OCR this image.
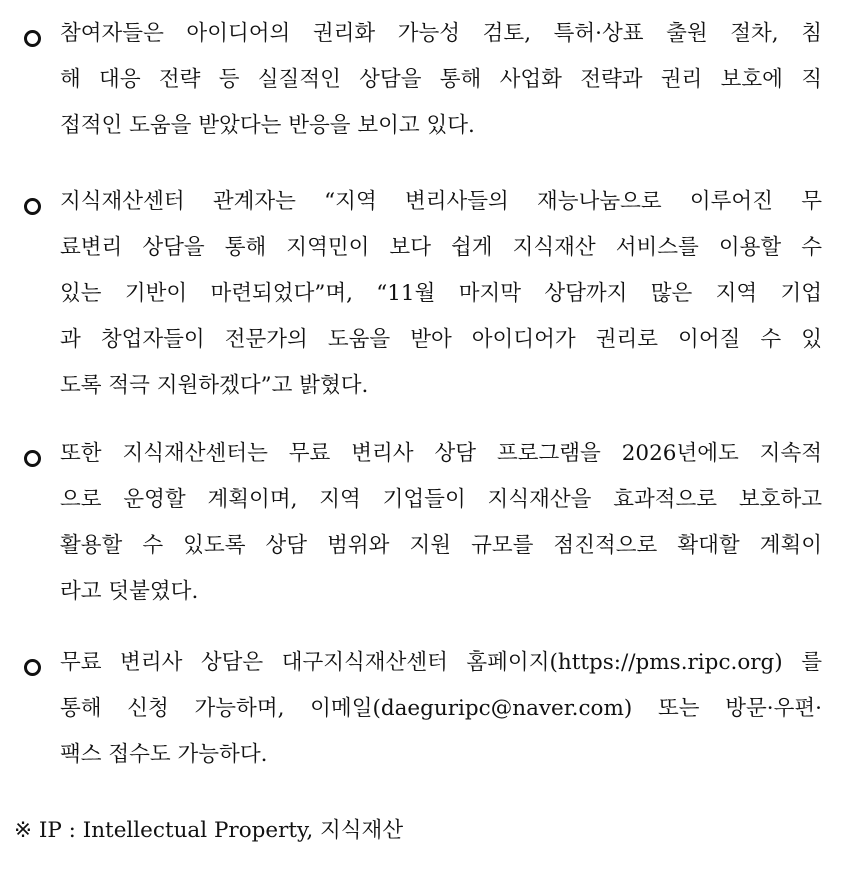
참여자들은 아이디어의 권리화 가능성 검토, 특허·상표 출원 절차, 침
해 대응 전략 등 실질적인 상담을 통해 사업화 전략과 권리 보호에 직
접적인 도움을 받았다는 반응을 보이고 있다.
지식재산센터 관계자는 “지역 변리사들의 재능나눔으로 이루어진 무
료변리 상담을 통해 지역민이 보다 쉽게 지식재산 서비스를 이용할 수
있는 기반이 마련되었다”며, “11월 마지막 상담까지 많은 지역 기업
과 창업자들이 전문가의 도움을 받아 아이디어가 권리로 이어질 수 있
도록 적극 지원하겠다”고 밝혔다.
또한 지식재산센터는 무료 변리사 상담 프로그램을 2026년에도 지속적
으로 운영할 계획이며, 지역 기업들이 지식재산을 효과적으로 보호하고
활용할 수 있도록 상담 범위와 지원 규모를 점진적으로 확대할 계획이
라고 덧붙였다.
무료 변리사 상담은 대구지식재산센터 홈페이지(https://pms.ripc.org) 를
통해 신청 가능하며, 이메일(daeguripc@naver.com) 또는 방문·우편·
팩스 접수도 가능하다.
※ IP : Intellectual Property, 지식재산
